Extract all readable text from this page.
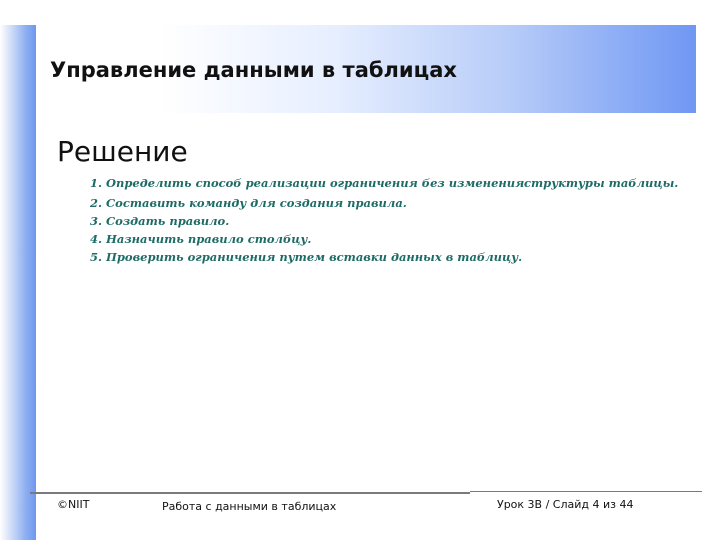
Управление данными в таблицах
Решение
1. Определить способ реализации ограничения без изменения структуры таблицы.
2. Составить команду для создания правила.
3. Создать правило.
4. Назначить правило столбцу.
5. Проверить ограничения путем вставки данных в таблицу.
©NIIT	Работа с данными в таблицах	Урок 3B / Слайд 4 из 44
